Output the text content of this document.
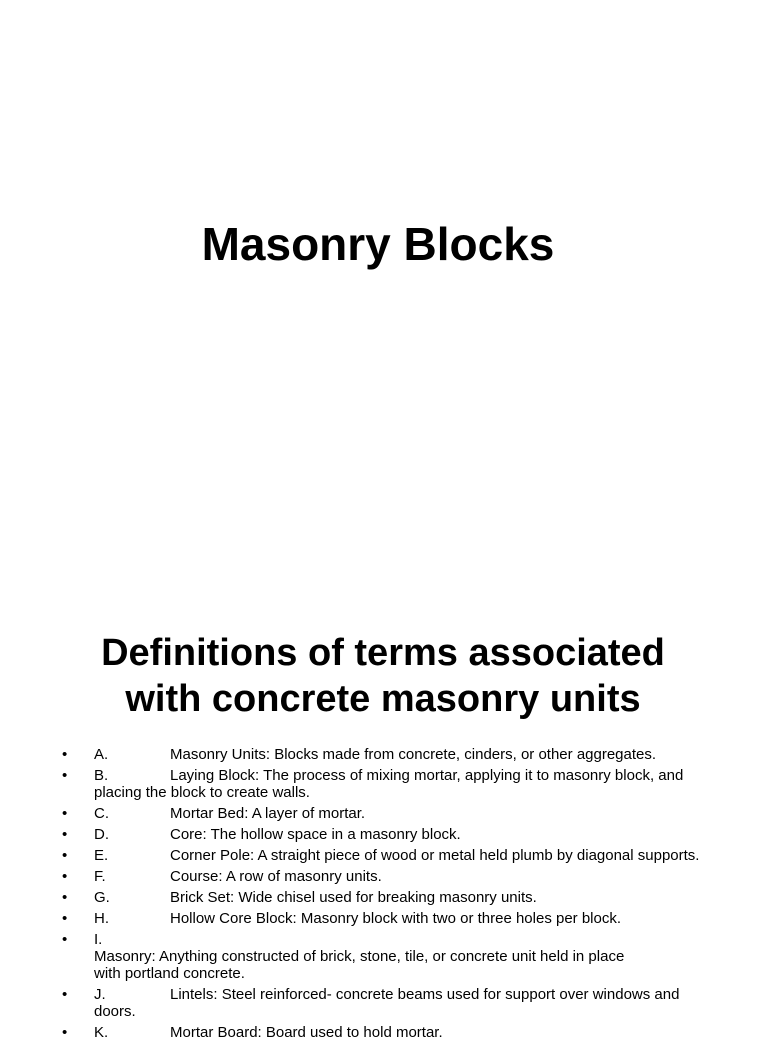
Masonry Blocks
Definitions of terms associated
with concrete masonry units
• A.	Masonry Units: Blocks made from concrete, cinders, or other aggregates.
• B.	Laying Block: The process of mixing mortar, applying it to masonry block, and placing the block to create walls.
• C.	Mortar Bed: A layer of mortar.
• D.	Core: The hollow space in a masonry block.
• E.	Corner Pole: A straight piece of wood or metal held plumb by diagonal supports.
• F.	Course: A row of masonry units.
• G.	Brick Set: Wide chisel used for breaking masonry units.
• H.	Hollow Core Block: Masonry block with two or three holes per block.
• I.Masonry: Anything constructed of brick, stone, tile, or concrete unit held in place with portland concrete.
• J.	Lintels: Steel reinforced- concrete beams used for support over windows and doors.
• K.	Mortar Board: Board used to hold mortar.
